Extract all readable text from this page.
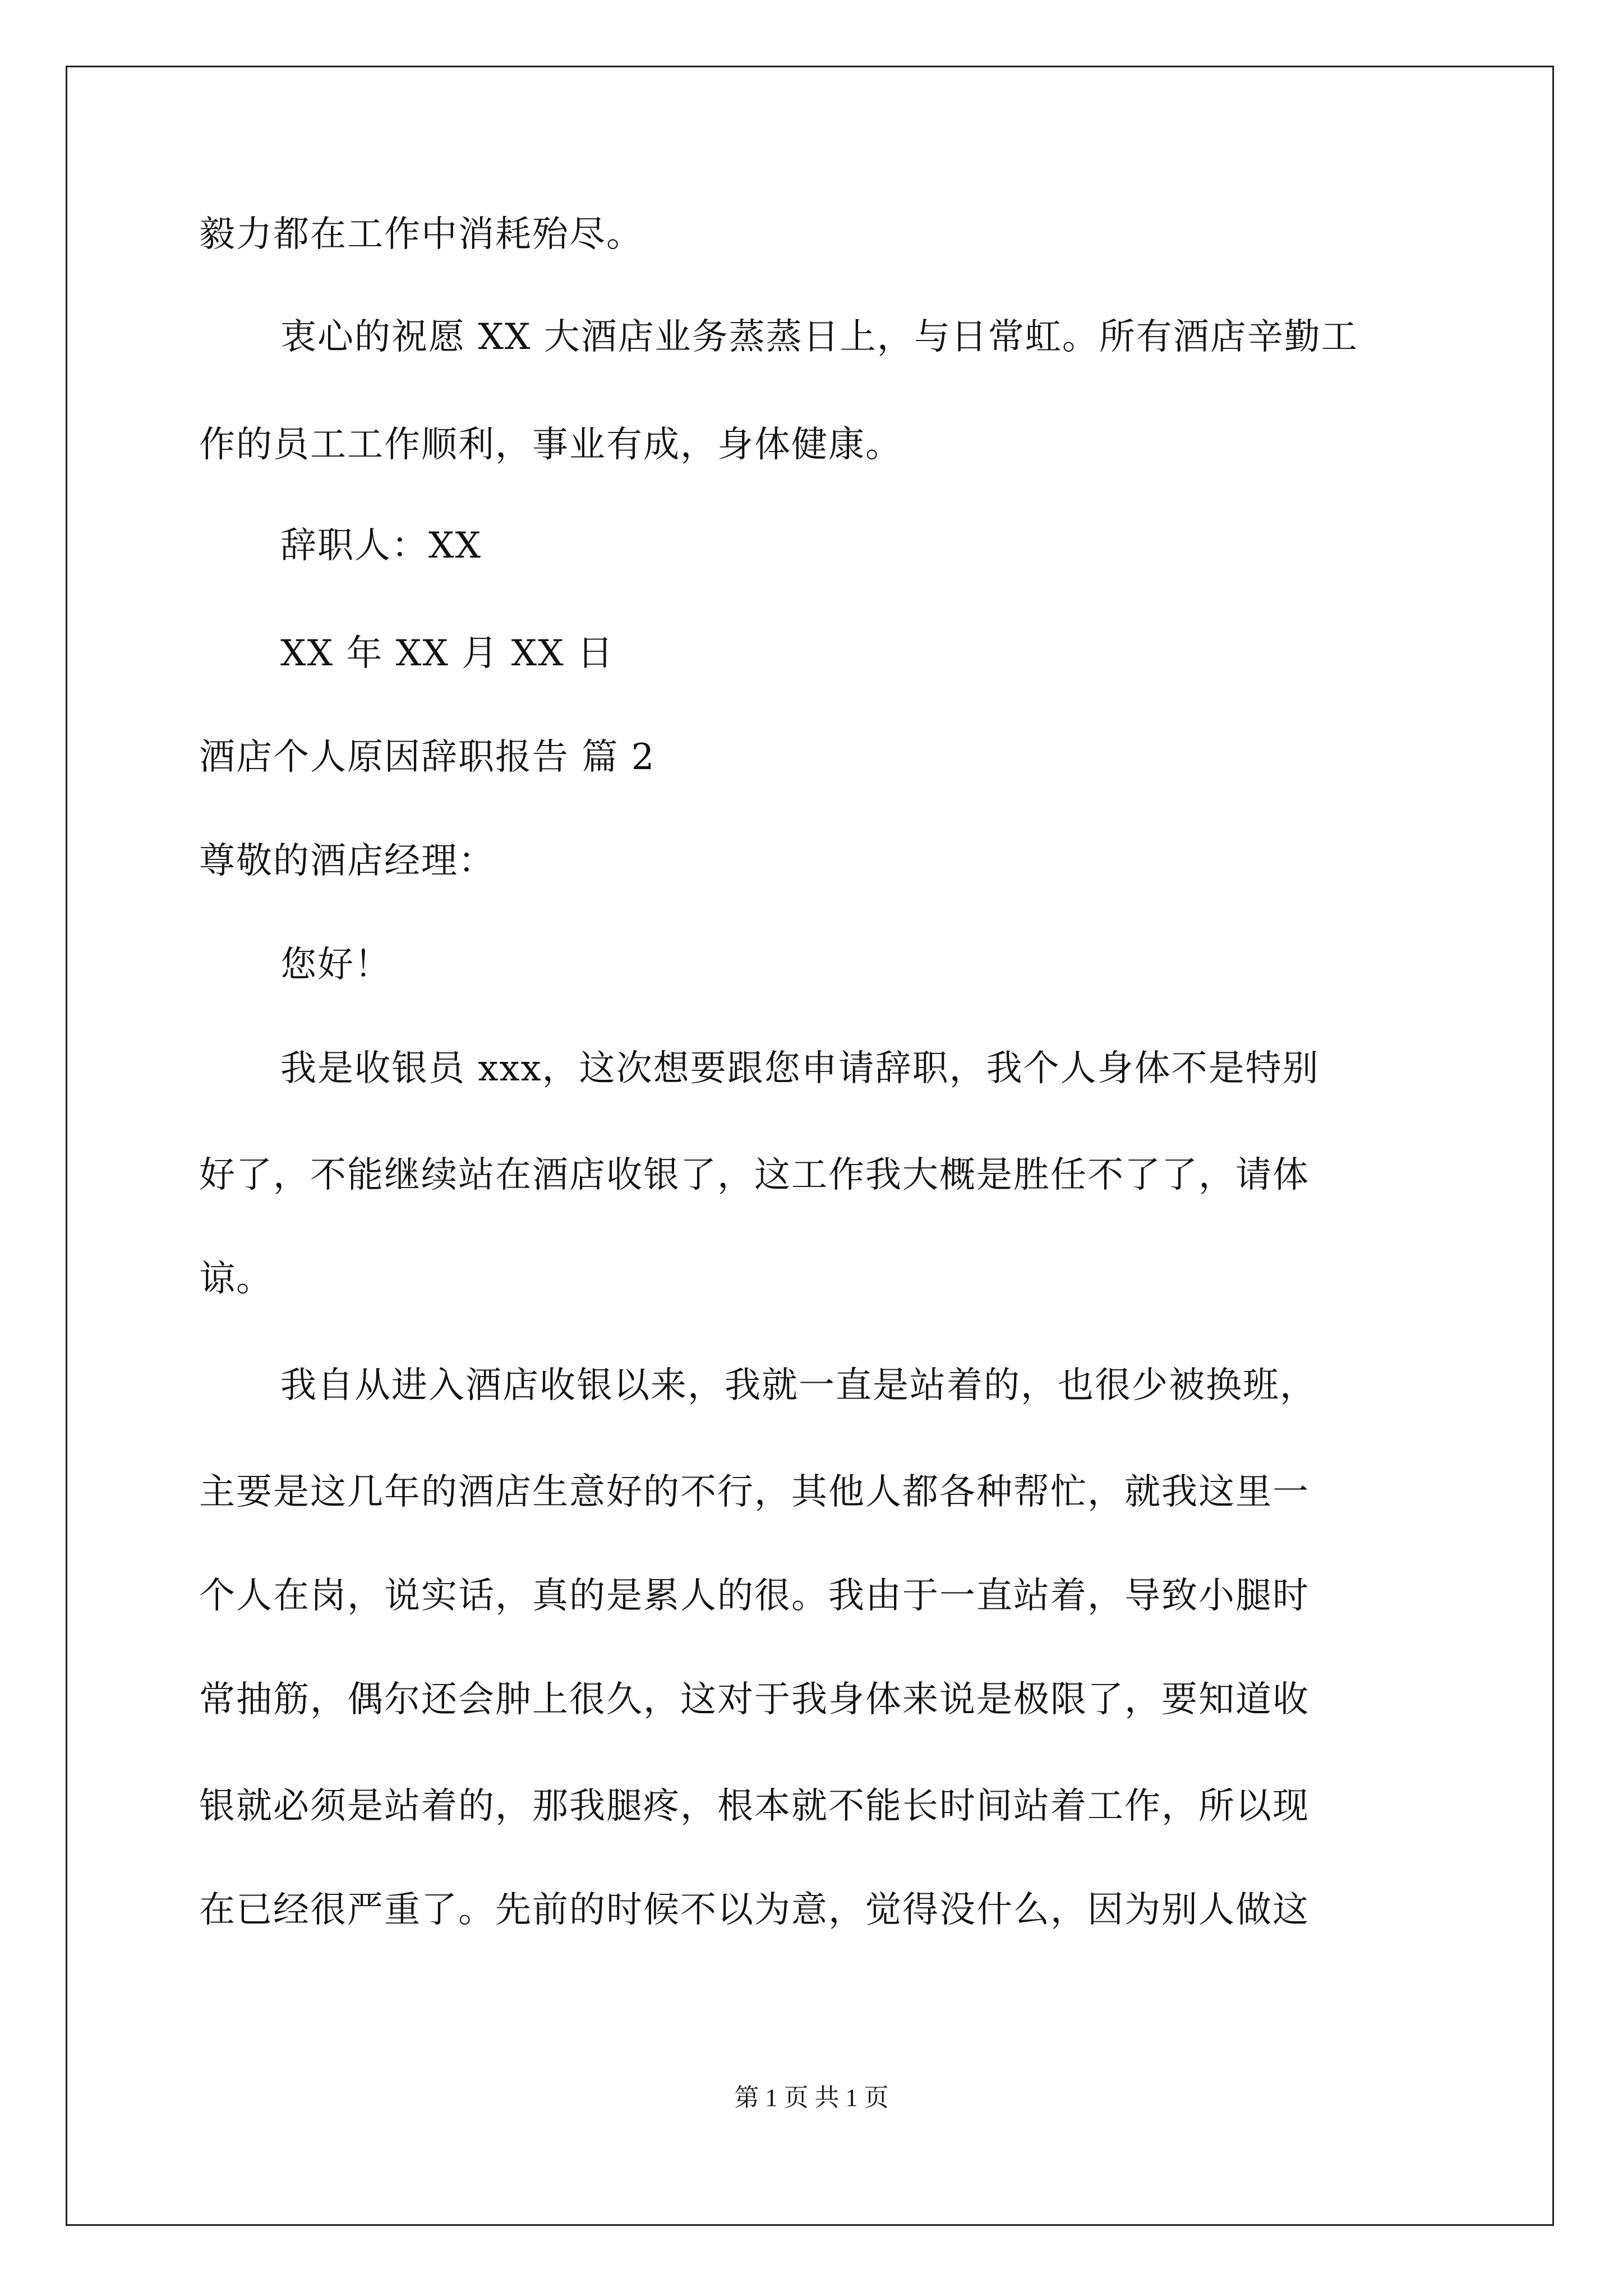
毅力都在工作中消耗殆尽。
衷心的祝愿 XX 大酒店业务蒸蒸日上，与日常虹。所有酒店辛勤工
作的员工工作顺利，事业有成，身体健康。
辞职人：XX
XX 年 XX 月 XX 日
酒店个人原因辞职报告 篇 2
尊敬的酒店经理：
您好！
我是收银员 xxx，这次想要跟您申请辞职，我个人身体不是特别
好了，不能继续站在酒店收银了，这工作我大概是胜任不了了，请体
谅。
我自从进入酒店收银以来，我就一直是站着的，也很少被换班，
主要是这几年的酒店生意好的不行，其他人都各种帮忙，就我这里一
个人在岗，说实话，真的是累人的很。我由于一直站着，导致小腿时
常抽筋，偶尔还会肿上很久，这对于我身体来说是极限了，要知道收
银就必须是站着的，那我腿疼，根本就不能长时间站着工作，所以现
在已经很严重了。先前的时候不以为意，觉得没什么，因为别人做这
第 1 页 共 1 页
